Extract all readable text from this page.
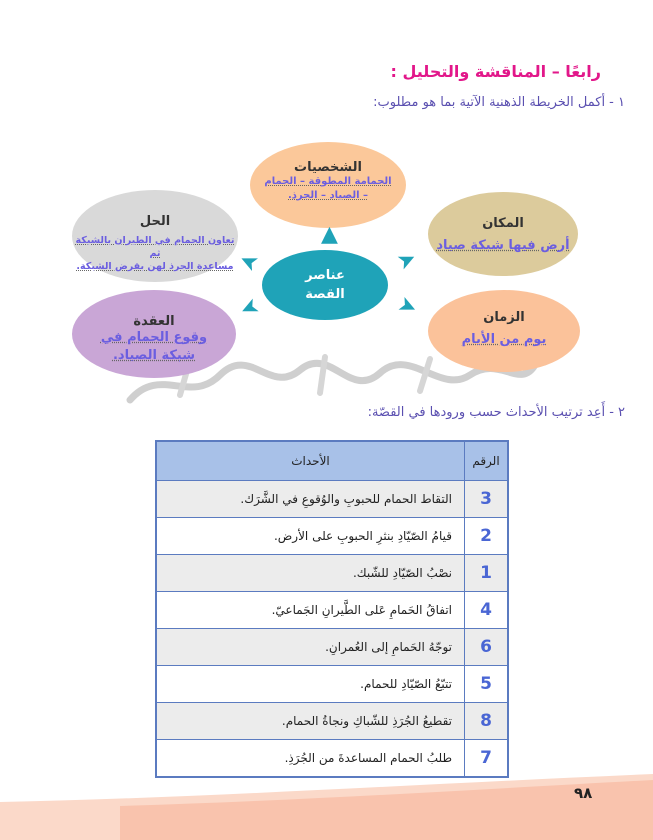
رابعًا – المناقشة والتحليل :
١ - أكمل الخريطة الذهنية الآتية بما هو مطلوب:
الشخصيات
الحمامة المطوقة – الحمام
– الصياد – الجرذ.
المكان
أرض فيها شبكة صياد
الزمان
يوم من الأيام
الحل
تعاون الحمام في الطيران بالشبكة ثم
مساعدة الجرذ لهن بقرض الشبكة.
العقدة
وقوع الحمام في
شبكة الصياد.
عناصر
القصة
▲
➤
➤
➤
➤
٢ - أَعِد ترتيب الأحداث حسب ورودها في القصّة:
الرقم	الأحداث
3	التقاط الحمام للحبوبِ والوُقوعِ في الشَّرَك.
2	قيامُ الصّيّادِ بنثرِ الحبوبِ على الأرض.
1	نصْبُ الصّيّادِ للشّبك.
4	اتفاقُ الحَمامِ عَلى الطَّيرانِ الجَماعيّ.
6	توجّهُ الحَمامِ إلى العُمرانِ.
5	تتبّعُ الصّيّادِ للحمام.
8	تقطيعُ الجُرَذِ للشّباكِ ونجاةُ الحمام.
7	طلبُ الحمام المساعدةَ من الجُرَذِ.
٩٨
